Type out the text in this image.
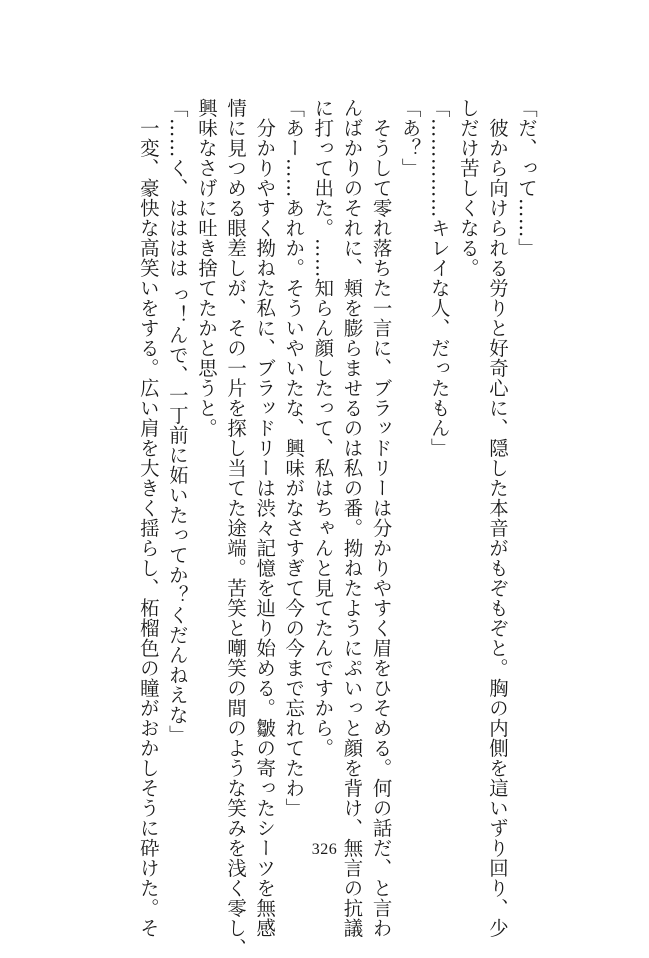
「だ、って……」
　彼から向けられる労りと好奇心に、隠した本音がもぞもぞと。胸の内側を這いずり回り、少
しだけ苦しくなる。
「……………キレイな人、だったもん」
「あ？」
　そうして零れ落ちた一言に、ブラッドリーは分かりやすく眉をひそめる。何の話だ、と言わ
んばかりのそれに、頬を膨らませるのは私の番。拗ねたようにぷいっと顔を背け、無言の抗議
に打って出た。……知らん顔したって、私はちゃんと見てたんですから。
「あー……あれか。そういやいたな、興味がなさすぎて今の今まで忘れてたわ」
　分かりやすく拗ねた私に、ブラッドリーは渋々記憶を辿り始める。皺の寄ったシーツを無感
情に見つめる眼差しが、その一片を探し当てた途端。苦笑と嘲笑の間のような笑みを浅く零し、
興味なさげに吐き捨てたかと思うと。
「……く、はははは っ！んで、一丁前に妬いたってか？くだんねえな」
　一変、豪快な高笑いをする。広い肩を大きく揺らし、柘榴色の瞳がおかしそうに砕けた。そ	326
